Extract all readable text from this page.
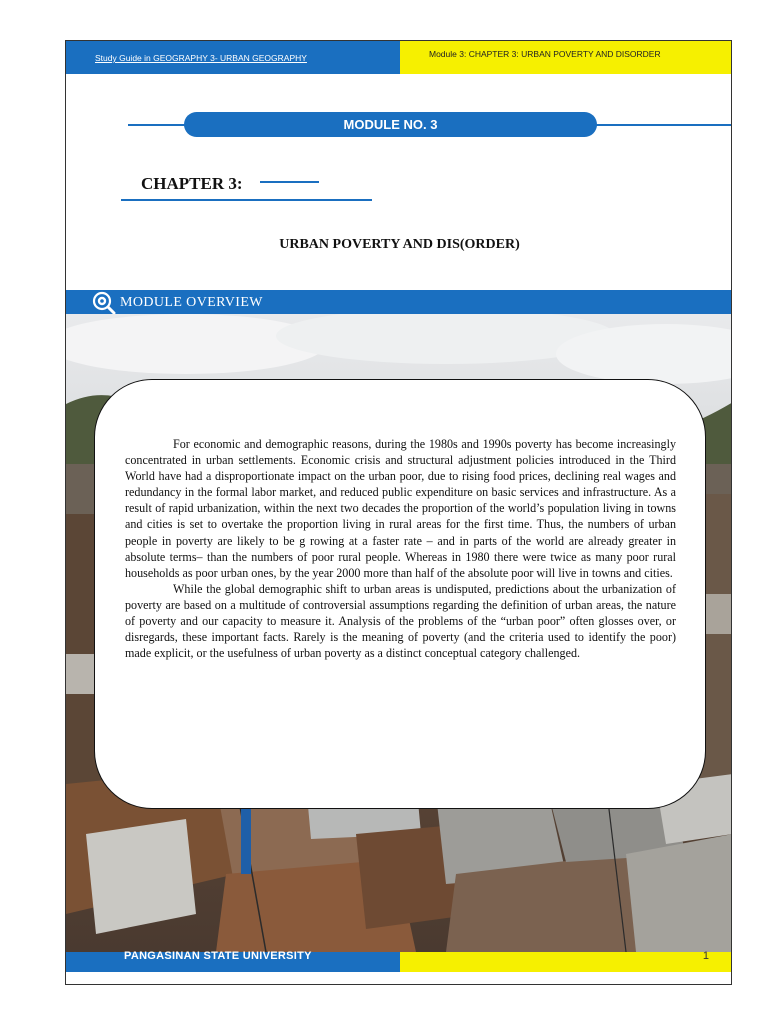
Study Guide in GEOGRAPHY 3- URBAN GEOGRAPHY	Module 3: CHAPTER 3: URBAN POVERTY AND DISORDER
MODULE NO. 3
CHAPTER 3:
URBAN POVERTY AND DIS(ORDER)
MODULE OVERVIEW

For economic and demographic reasons, during the 1980s and 1990s poverty has become increasingly concentrated in urban settlements. Economic crisis and structural adjustment policies introduced in the Third World have had a disproportionate impact on the urban poor, due to rising food prices, declining real wages and redundancy in the formal labor market, and reduced public expenditure on basic services and infrastructure. As a result of rapid urbanization, within the next two decades the proportion of the world’s population living in towns and cities is set to overtake the proportion living in rural areas for the first time. Thus, the numbers of urban people in poverty are likely to be g rowing at a faster rate – and in parts of the world are already greater in absolute terms– than the numbers of poor rural people. Whereas in 1980 there were twice as many poor rural households as poor urban ones, by the year 2000 more than half of the absolute poor will live in towns and cities.

While the global demographic shift to urban areas is undisputed, predictions about the urbanization of poverty are based on a multitude of controversial assumptions regarding the definition of urban areas, the nature of poverty and our capacity to measure it. Analysis of the problems of the “urban poor” often glosses over, or disregards, these important facts. Rarely is the meaning of poverty (and the criteria used to identify the poor) made explicit, or the usefulness of urban poverty as a distinct conceptual category challenged.

PANGASINAN STATE UNIVERSITY	1
